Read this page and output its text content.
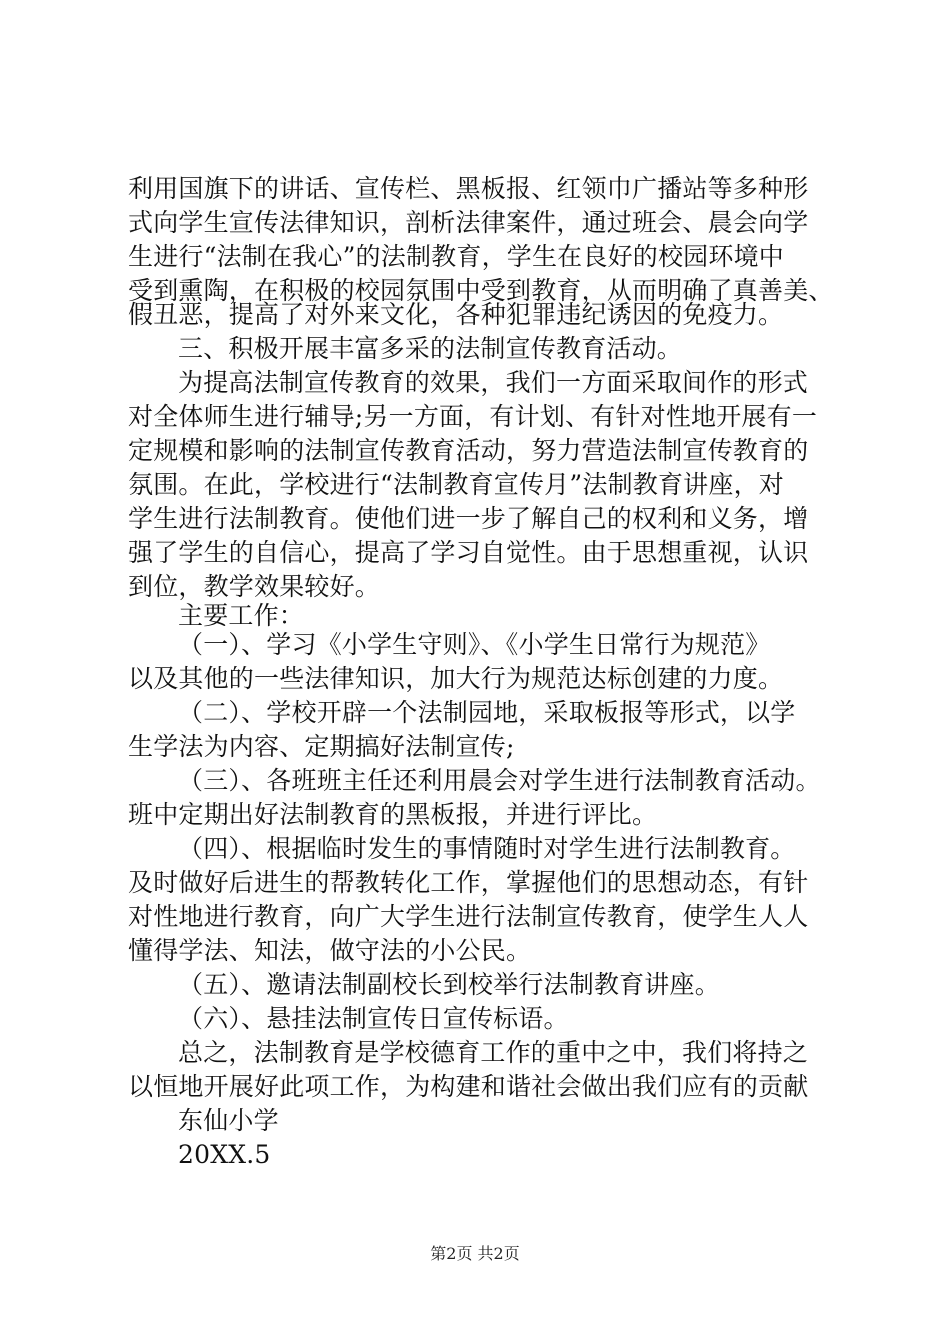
利用国旗下的讲话、宣传栏、黑板报、红领巾广播站等多种形
式向学生宣传法律知识，剖析法律案件，通过班会、晨会向学
生进行“法制在我心”的法制教育，学生在良好的校园环境中
受到熏陶，在积极的校园氛围中受到教育，从而明确了真善美、
假丑恶，提高了对外来文化，各种犯罪违纪诱因的免疫力。
三、积极开展丰富多采的法制宣传教育活动。
为提高法制宣传教育的效果，我们一方面采取间作的形式
对全体师生进行辅导;另一方面，有计划、有针对性地开展有一
定规模和影响的法制宣传教育活动，努力营造法制宣传教育的
氛围。在此，学校进行“法制教育宣传月”法制教育讲座，对
学生进行法制教育。使他们进一步了解自己的权利和义务，增
强了学生的自信心，提高了学习自觉性。由于思想重视，认识
到位，教学效果较好。
主要工作：
（一）、学习《小学生守则》、《小学生日常行为规范》
以及其他的一些法律知识，加大行为规范达标创建的力度。
（二）、学校开辟一个法制园地，采取板报等形式，以学
生学法为内容、定期搞好法制宣传;
（三）、各班班主任还利用晨会对学生进行法制教育活动。
班中定期出好法制教育的黑板报，并进行评比。
（四）、根据临时发生的事情随时对学生进行法制教育。
及时做好后进生的帮教转化工作，掌握他们的思想动态，有针
对性地进行教育，向广大学生进行法制宣传教育，使学生人人
懂得学法、知法，做守法的小公民。
（五）、邀请法制副校长到校举行法制教育讲座。
（六）、悬挂法制宣传日宣传标语。
总之，法制教育是学校德育工作的重中之中，我们将持之
以恒地开展好此项工作，为构建和谐社会做出我们应有的贡献
东仙小学
20XX.5
第2页 共2页
